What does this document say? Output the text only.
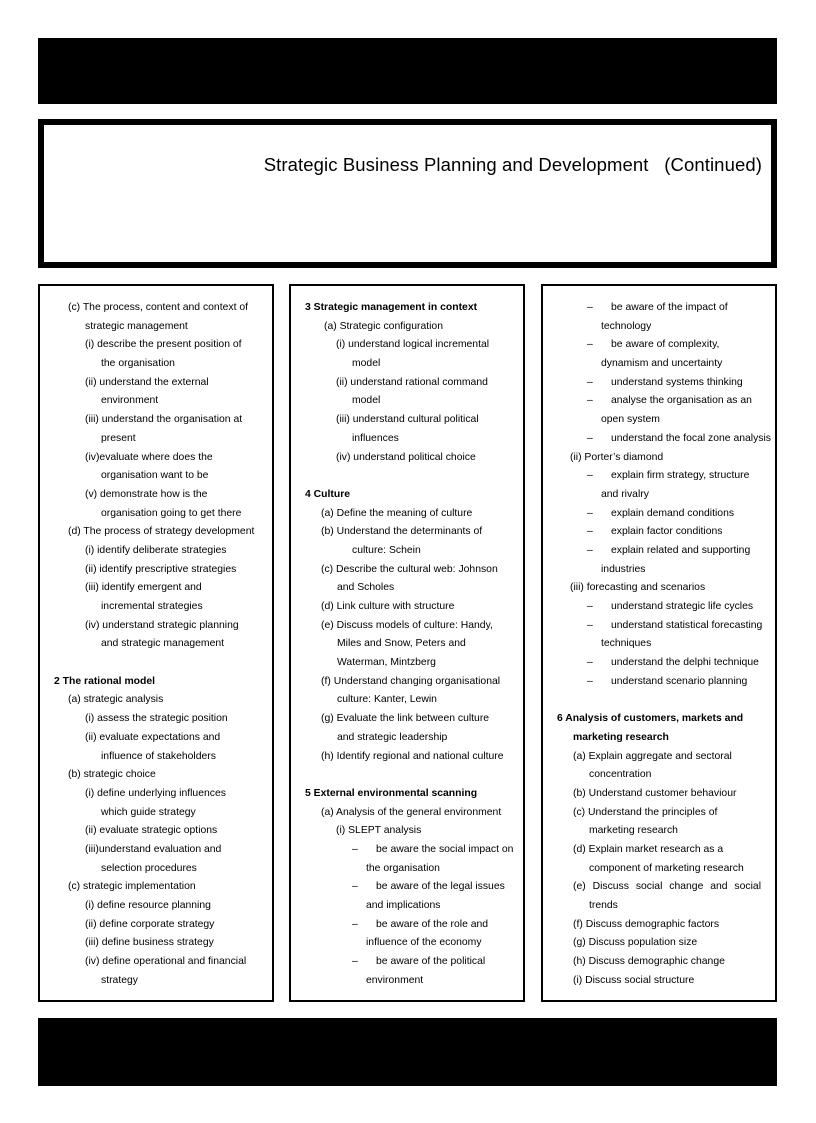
Strategic Business Planning and Development   (Continued)
(c) The process, content and context of
strategic management
(i) describe the present position of
the organisation
(ii) understand the external
environment
(iii) understand the organisation at
present
(iv)evaluate where does the
organisation want to be
(v) demonstrate how is the
organisation going to get there
(d) The process of strategy development
(i) identify deliberate strategies
(ii) identify prescriptive strategies
(iii) identify emergent and
incremental strategies
(iv) understand strategic planning
and strategic management
2 The rational model
(a) strategic analysis
(i) assess the strategic position
(ii) evaluate expectations and
influence of stakeholders
(b) strategic choice
(i) define underlying influences
which guide strategy
(ii) evaluate strategic options
(iii)understand evaluation and
selection procedures
(c) strategic implementation
(i) define resource planning
(ii) define corporate strategy
(iii) define business strategy
(iv) define operational and financial
strategy
3 Strategic management in context
(a) Strategic configuration
(i) understand logical incremental
model
(ii) understand rational command
model
(iii) understand cultural political
influences
(iv) understand political choice
4 Culture
(a) Define the meaning of culture
(b) Understand the determinants of
culture: Schein
(c) Describe the cultural web: Johnson
and Scholes
(d) Link culture with structure
(e) Discuss models of culture: Handy,
Miles and Snow, Peters and
Waterman, Mintzberg
(f) Understand changing organisational
culture: Kanter, Lewin
(g) Evaluate the link between culture
and strategic leadership
(h) Identify regional and national culture
5 External environmental scanning
(a) Analysis of the general environment
(i) SLEPT analysis
– be aware the social impact on
the organisation
– be aware of the legal issues
and implications
– be aware of the role and
influence of the economy
– be aware of the political
environment
– be aware of the impact of
technology
– be aware of complexity,
dynamism and uncertainty
– understand systems thinking
– analyse the organisation as an
open system
– understand the focal zone analysis
(ii) Porter’s diamond
– explain firm strategy, structure
and rivalry
– explain demand conditions
– explain factor conditions
– explain related and supporting
industries
(iii) forecasting and scenarios
– understand strategic life cycles
– understand statistical forecasting
techniques
– understand the delphi technique
– understand scenario planning
6 Analysis of customers, markets and
marketing research
(a) Explain aggregate and sectoral
concentration
(b) Understand customer behaviour
(c) Understand the principles of
marketing research
(d) Explain market research as a
component of marketing research
(e) Discuss social change and social
trends
(f) Discuss demographic factors
(g) Discuss population size
(h) Discuss demographic change
(i) Discuss social structure
